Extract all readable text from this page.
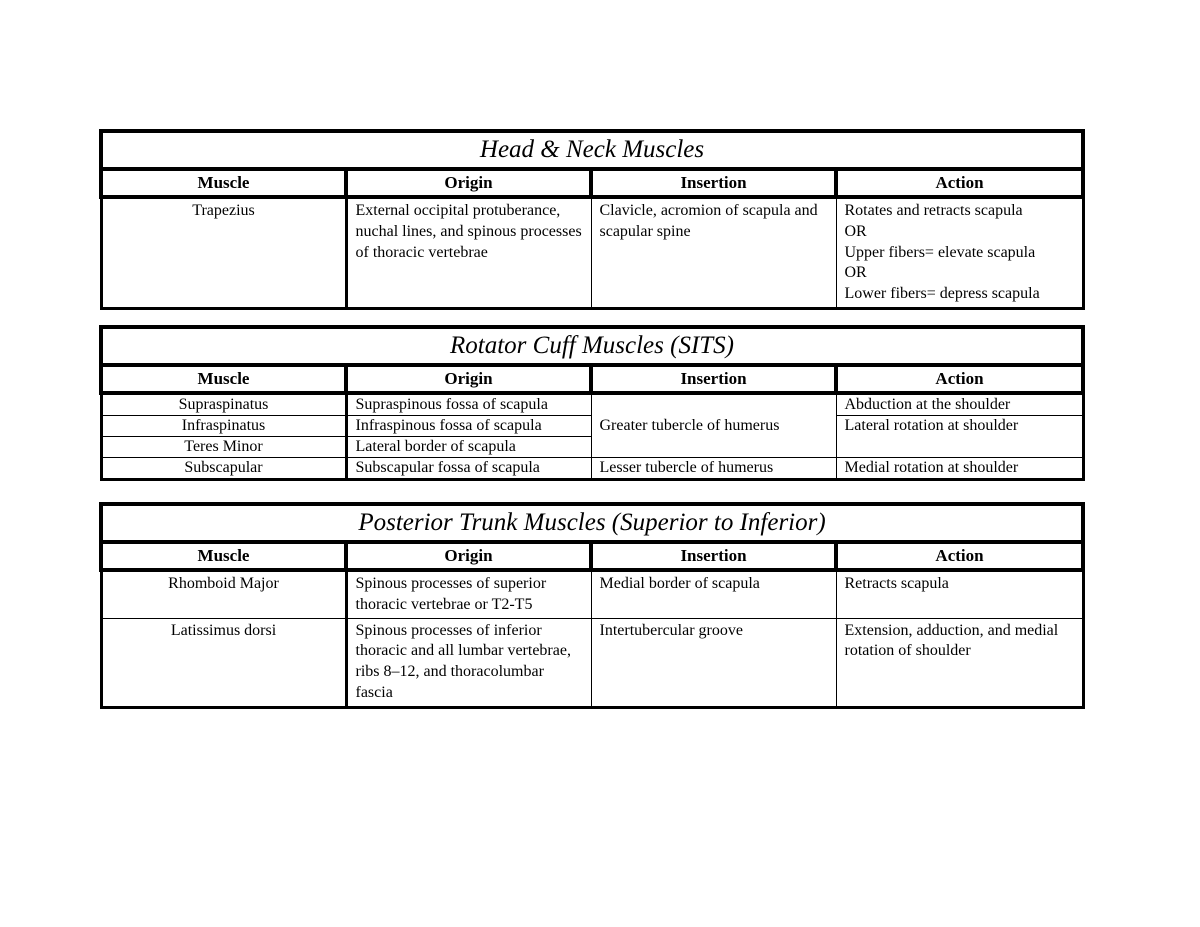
Head & Neck Muscles			
Muscle	Origin	Insertion	Action
Trapezius	External occipital protuberance, nuchal lines, and spinous processes of thoracic vertebrae	Clavicle, acromion of scapula and scapular spine	Rotates and retracts scapula
OR
Upper fibers= elevate scapula
OR
Lower fibers= depress scapula
Rotator Cuff Muscles (SITS)			
Muscle	Origin	Insertion	Action
Supraspinatus	Supraspinous fossa of scapula	Greater tubercle of humerus	Abduction at the shoulder
Infraspinatus	Infraspinous fossa of scapula		Lateral rotation at shoulder
Teres Minor	Lateral border of scapula		
Subscapular	Subscapular fossa of scapula	Lesser tubercle of humerus	Medial rotation at shoulder
Posterior Trunk Muscles (Superior to Inferior)			
Muscle	Origin	Insertion	Action
Rhomboid Major	Spinous processes of superior thoracic vertebrae or T2-T5	Medial border of scapula	Retracts scapula
Latissimus dorsi	Spinous processes of inferior thoracic and all lumbar vertebrae, ribs 8–12, and thoracolumbar fascia	Intertubercular groove	Extension, adduction, and medial rotation of shoulder
